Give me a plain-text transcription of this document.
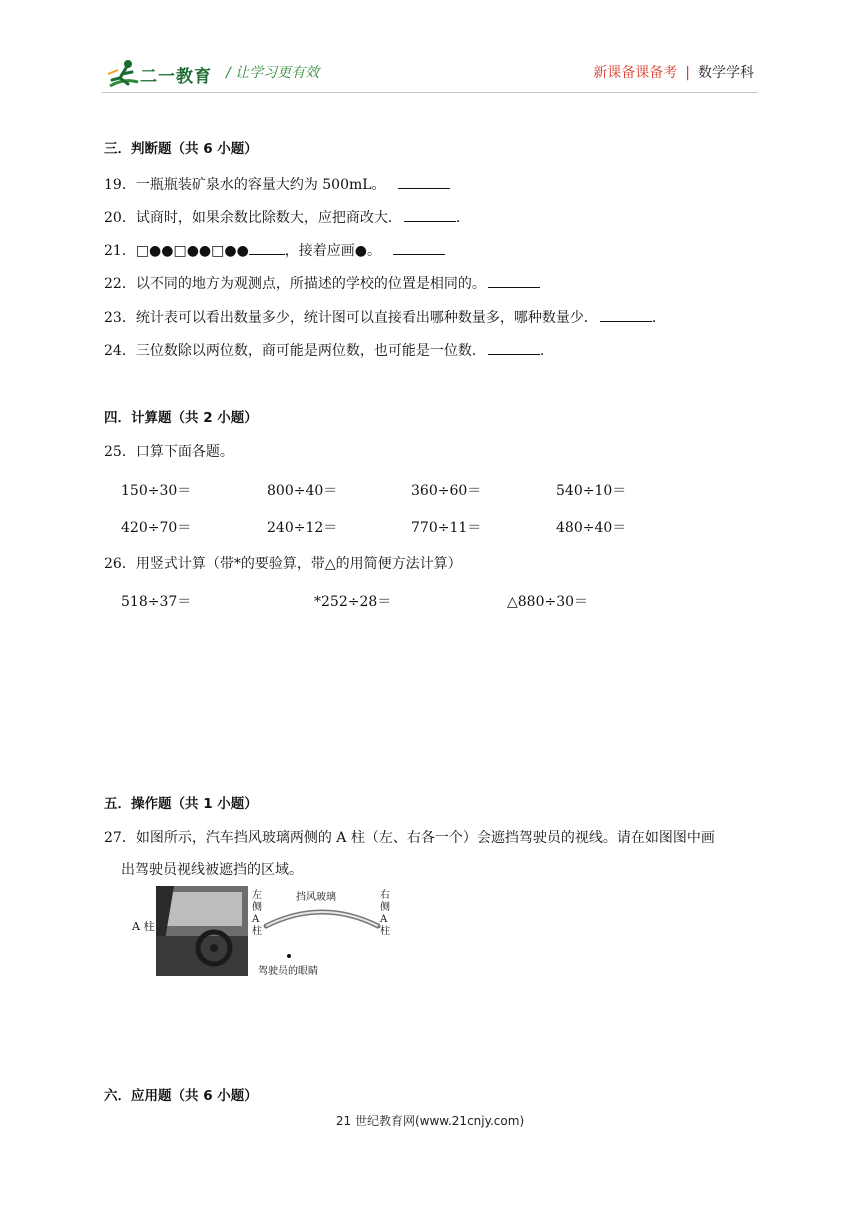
二一教育 / 让学习更有效	新课备课备考 | 数学学科
三．判断题（共 6 小题）
19．一瓶瓶装矿泉水的容量大约为 500mL。
20．试商时，如果余数比除数大，应把商改大．	.
21．□●●□●●□●●	，接着应画●。
22．以不同的地方为观测点，所描述的学校的位置是相同的。
23．统计表可以看出数量多少，统计图可以直接看出哪种数量多，哪种数量少．	.
24．三位数除以两位数，商可能是两位数，也可能是一位数．	.
四．计算题（共 2 小题）
25．口算下面各题。
150÷30＝	800÷40＝	360÷60＝	540÷10＝
420÷70＝	240÷12＝	770÷11＝	480÷40＝
26．用竖式计算（带*的要验算，带△的用简便方法计算）
518÷37＝	*252÷28＝	△880÷30＝
五．操作题（共 1 小题）
27．如图所示，汽车挡风玻璃两侧的 A 柱（左、右各一个）会遮挡驾驶员的视线。请在如图图中画
出驾驶员视线被遮挡的区域。
A 柱
左
侧
A
柱
挡风玻璃	右
侧
A
柱
驾驶员的眼睛
六．应用题（共 6 小题）
21 世纪教育网(www.21cnjy.com)
